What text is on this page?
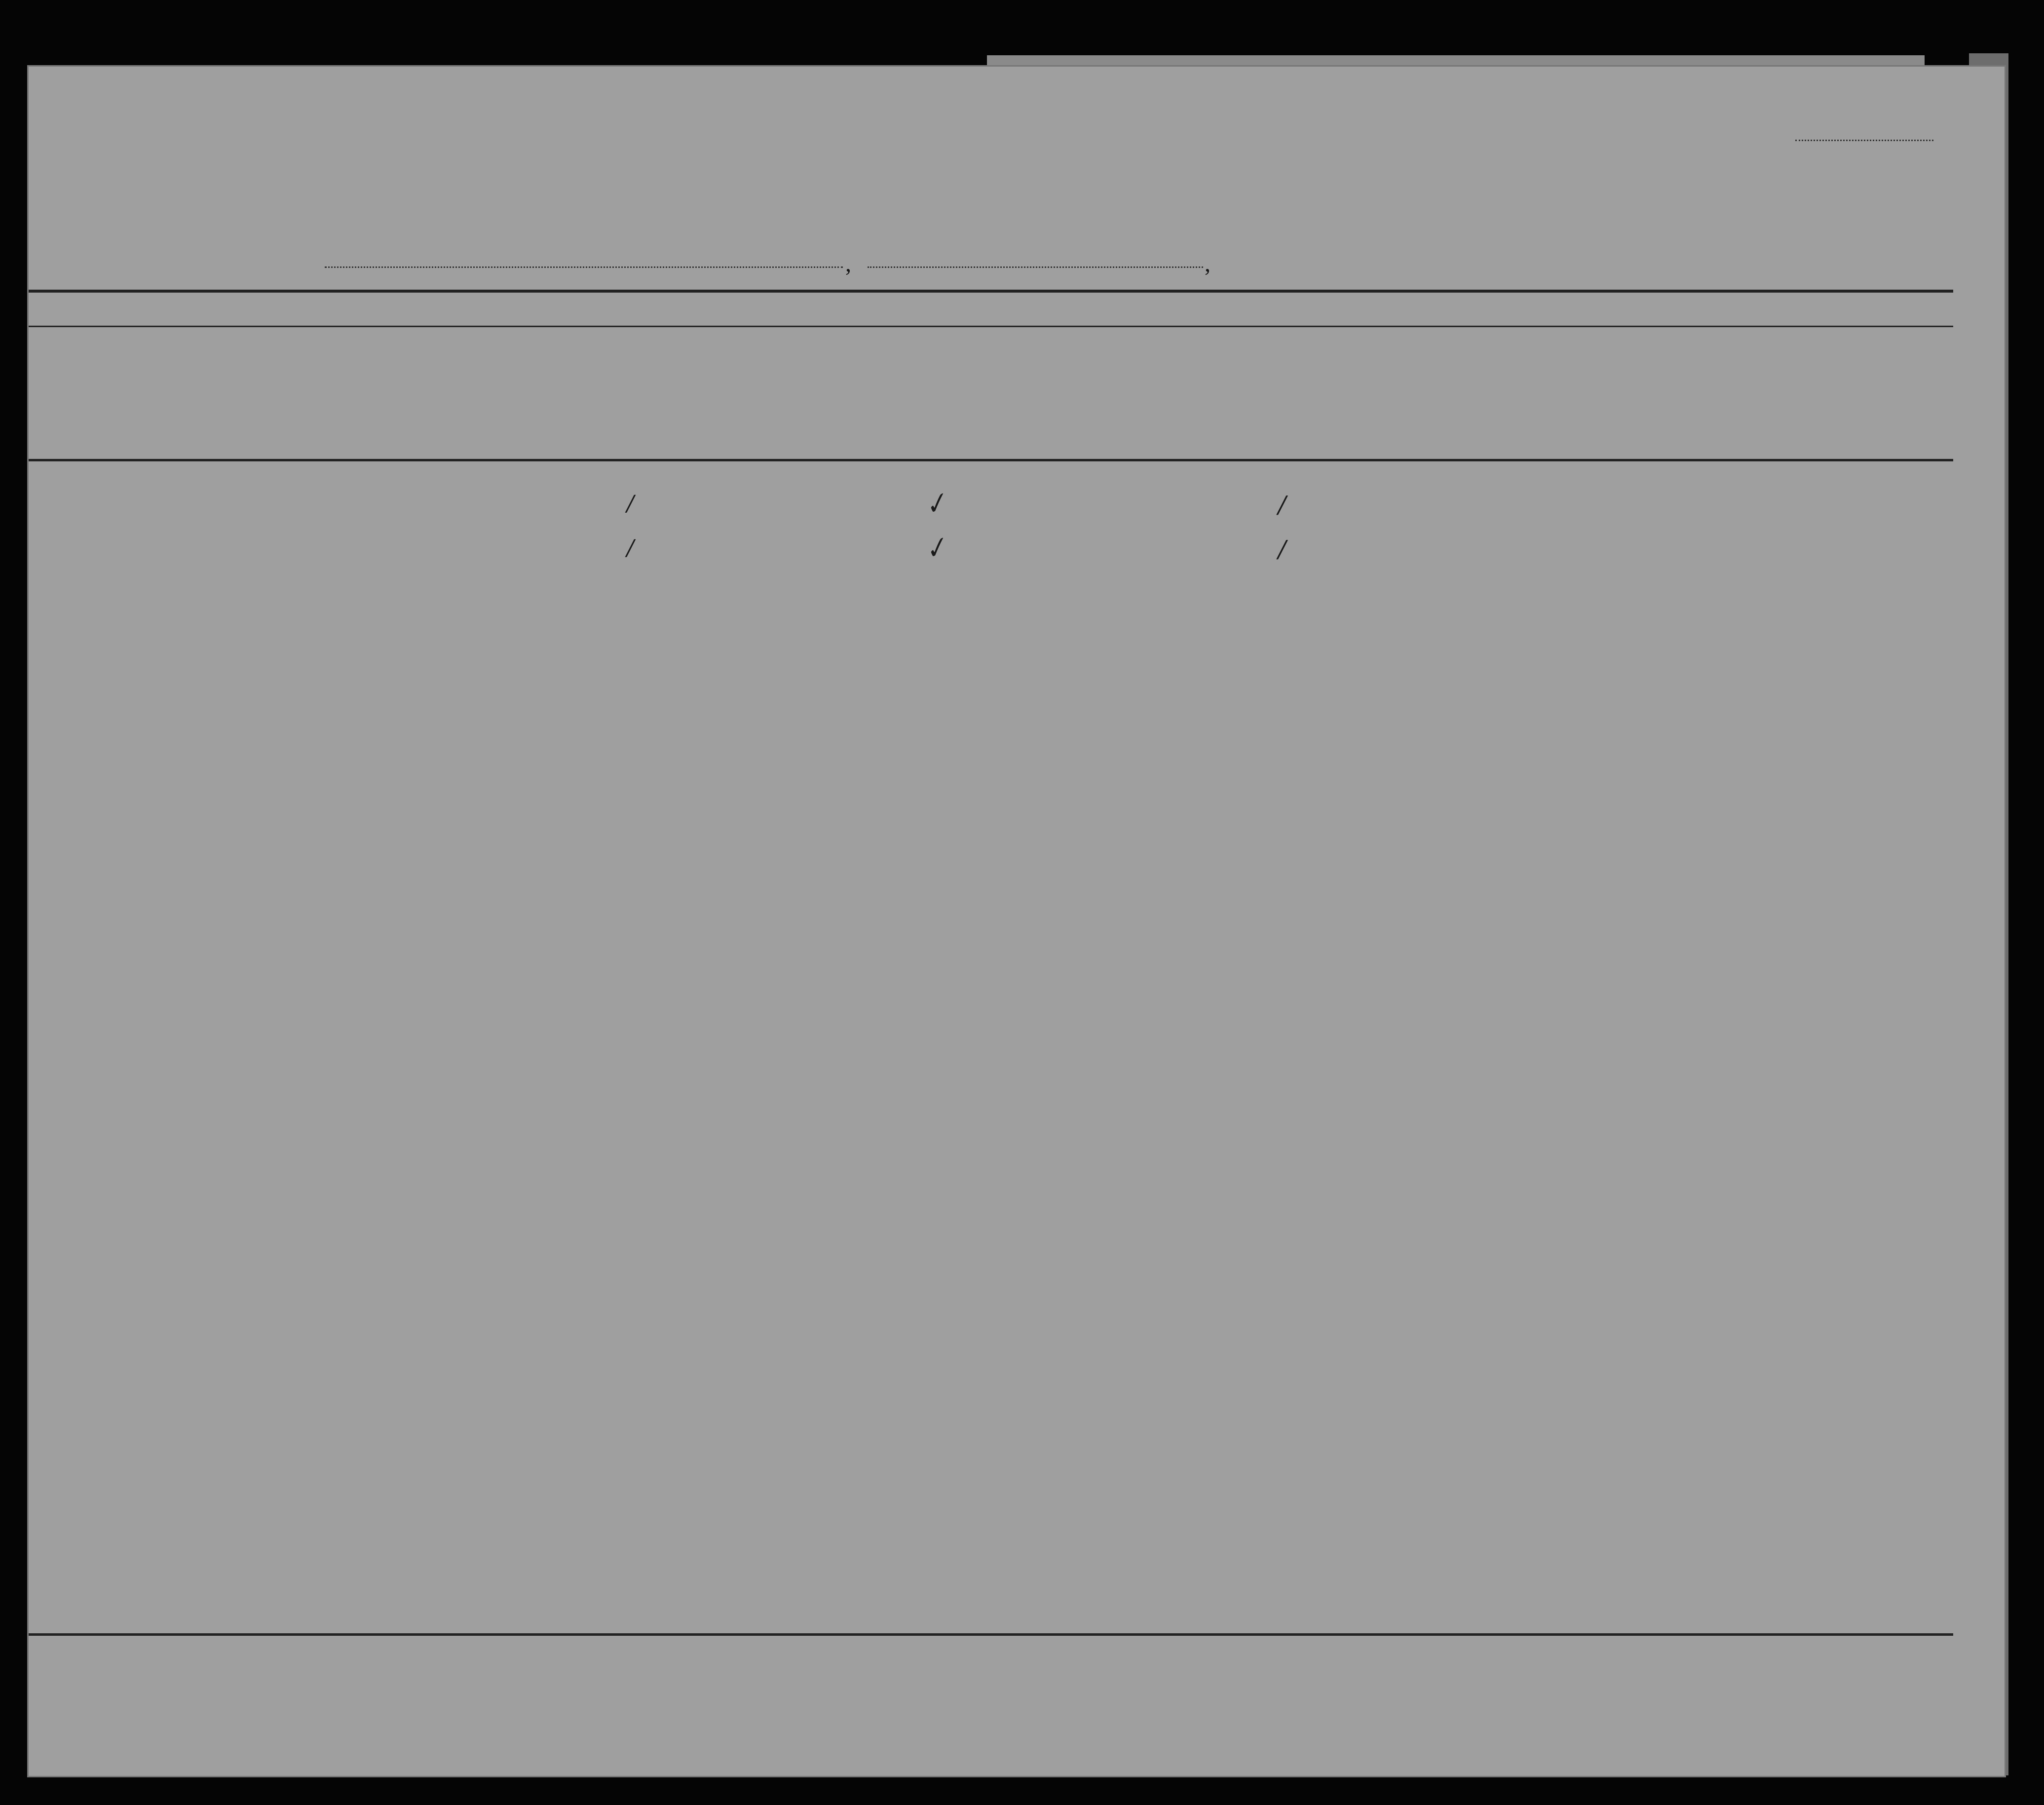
,	,
✓
✓
/
/
/
/
